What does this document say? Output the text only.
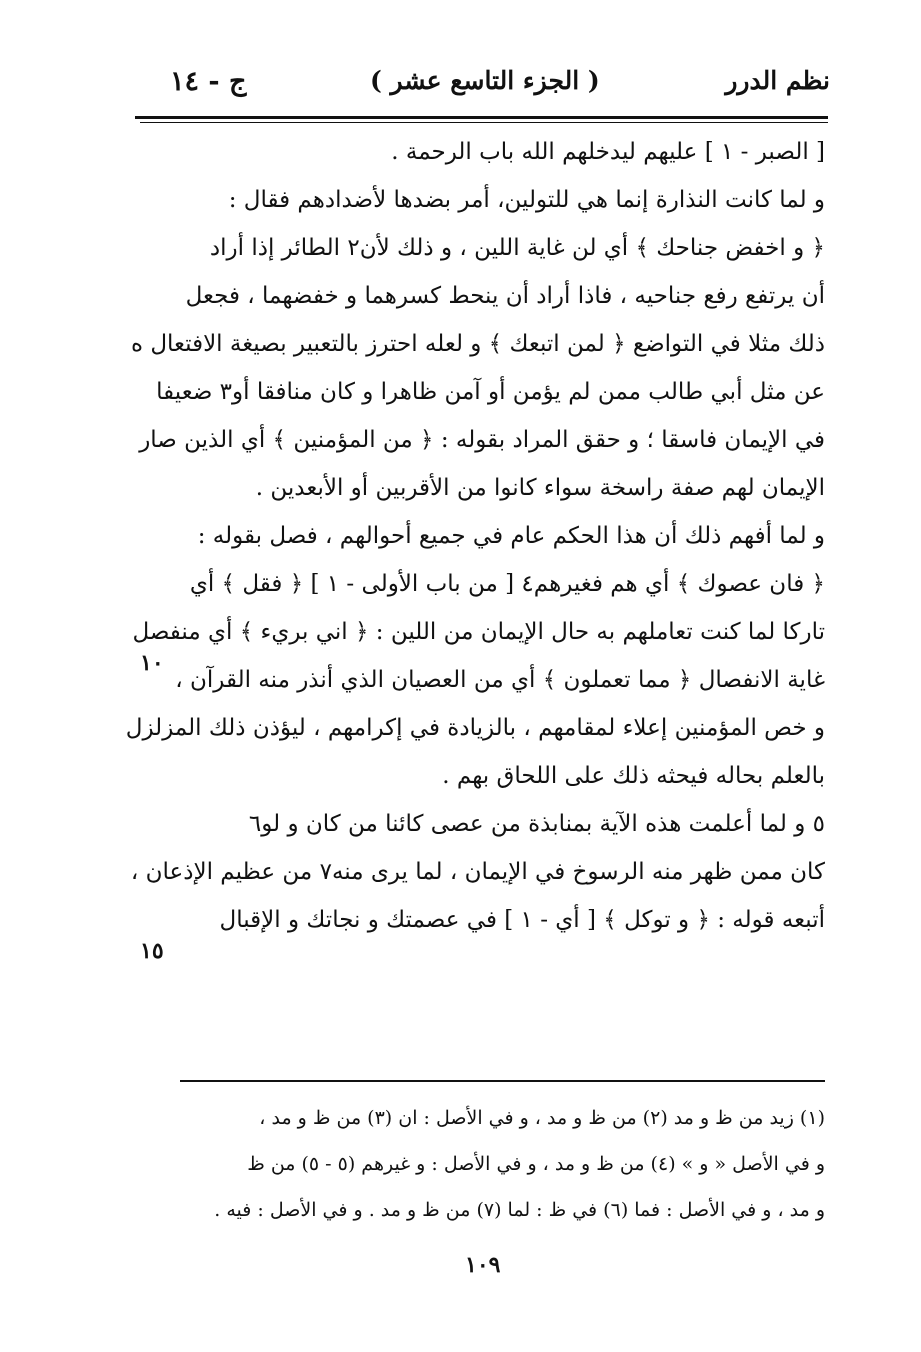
نظم الدرر
( الجزء التاسع عشر )
ج - ١٤
[ الصبر - ١ ] عليهم ليدخلهم الله باب الرحمة .
و لما كانت النذارة إنما هي للتولين، أمر بضدها لأضدادهم فقال :
﴿ و اخفض جناحك ﴾ أي لن غاية اللين ، و ذلك لأن٢ الطائر إذا أراد
أن يرتفع رفع جناحيه ، فاذا أراد أن ينحط كسرهما و خفضهما ، فجعل
ذلك مثلا في التواضع ﴿ لمن اتبعك ﴾ و لعله احترز بالتعبير بصيغة الافتعال ه
عن مثل أبي طالب ممن لم يؤمن أو آمن ظاهرا و كان منافقا أو٣ ضعيفا
في الإيمان فاسقا ؛ و حقق المراد بقوله : ﴿ من المؤمنين ﴾ أي الذين صار
الإيمان لهم صفة راسخة سواء كانوا من الأقربين أو الأبعدين .
و لما أفهم ذلك أن هذا الحكم عام في جميع أحوالهم ، فصل بقوله :
﴿ فان عصوك ﴾ أي هم فغيرهم٤ [ من باب الأولى - ١ ] ﴿ فقل ﴾ أي
تاركا لما كنت تعاملهم به حال الإيمان من اللين : ﴿ اني بريء ﴾ أي منفصل
غاية الانفصال ﴿ مما تعملون ﴾ أي من العصيان الذي أنذر منه القرآن ،
و خص المؤمنين إعلاء لمقامهم ، بالزيادة في إكرامهم ، ليؤذن ذلك المزلزل
بالعلم بحاله فيحثه ذلك على اللحاق بهم .
٥ و لما أعلمت هذه الآية بمنابذة من عصى كائنا من كان و لو٦
كان ممن ظهر منه الرسوخ في الإيمان ، لما يرى منه٧ من عظيم الإذعان ،
أتبعه قوله : ﴿ و توكل ﴾ [ أي - ١ ] في عصمتك و نجاتك و الإقبال
١٠
١٥
(١) زيد من ظ و مد (٢) من ظ و مد ، و في الأصل : ان (٣) من ظ و مد ،
و في الأصل « و » (٤) من ظ و مد ، و في الأصل : و غيرهم (٥ - ٥) من ظ
و مد ، و في الأصل : فما (٦) في ظ : لما (٧) من ظ و مد . و في الأصل : فيه .
١٠٩
